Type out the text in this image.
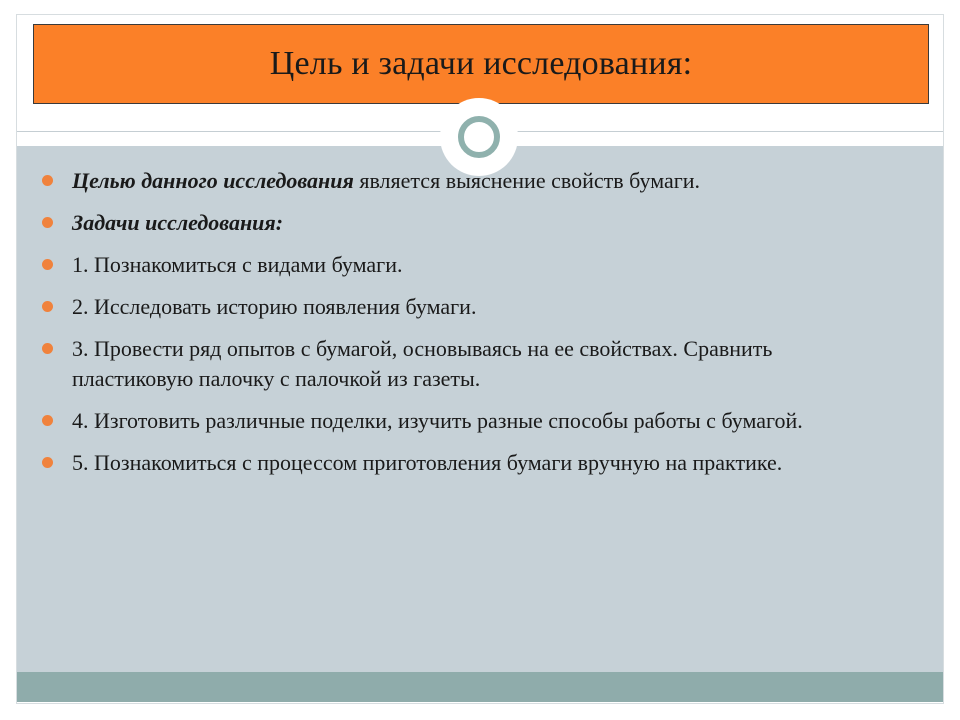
Цель и задачи исследования:
Целью данного исследования является выяснение свойств бумаги.
Задачи исследования:
1. Познакомиться с видами бумаги.
2. Исследовать историю появления бумаги.
3. Провести ряд опытов с бумагой, основываясь на ее свойствах. Сравнить пластиковую палочку с палочкой из газеты.
4. Изготовить различные поделки, изучить разные способы работы с бумагой.
5. Познакомиться с процессом приготовления бумаги вручную на практике.
